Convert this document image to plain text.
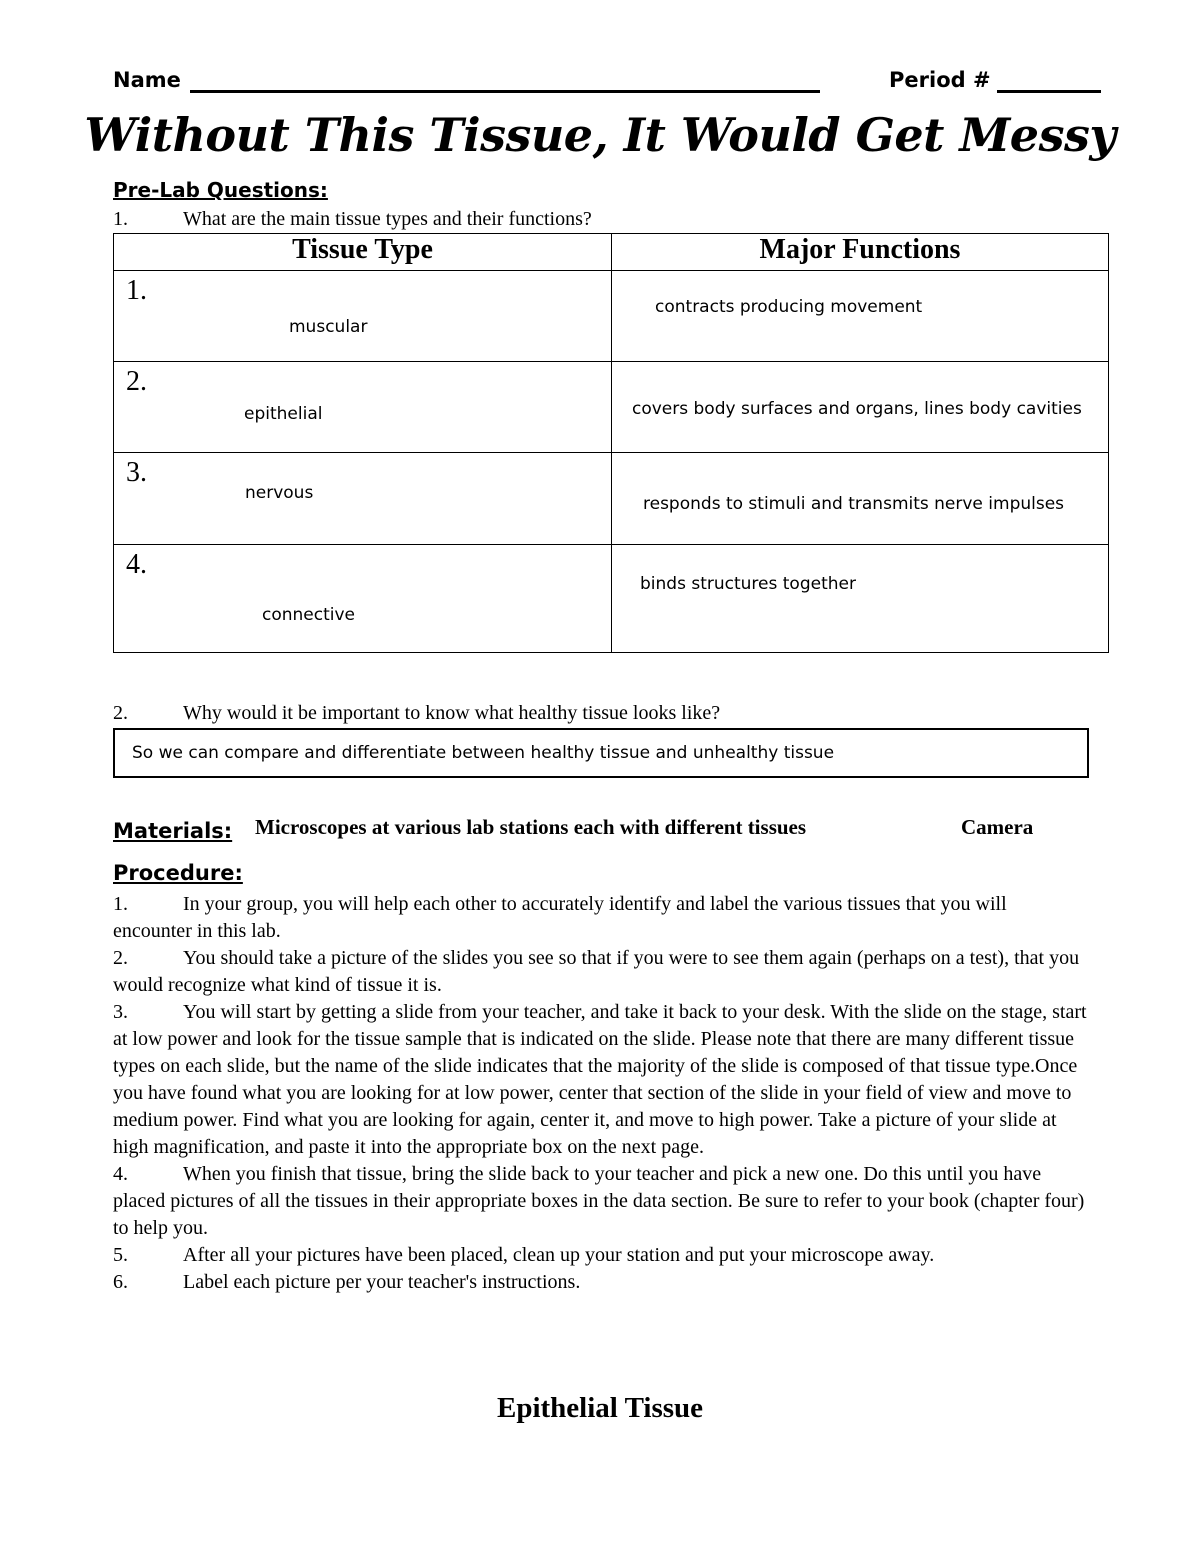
Name	Period #
Without This Tissue, It Would Get Messy
Pre-Lab Questions:
1.	What are the main tissue types and their functions?
Tissue Type	Major Functions

1.
muscular	contracts producing movement

2.
epithelial	covers body surfaces and organs, lines body cavities

3.
nervous	responds to stimuli and transmits nerve impulses

4.
connective	binds structures together
2.	Why would it be important to know what healthy tissue looks like?
So we can compare and differentiate between healthy tissue and unhealthy tissue
Materials: Microscopes at various lab stations each with different tissues	Camera
Procedure:

1.	In your group, you will help each other to accurately identify and label the various tissues that you will encounter in this lab.

2.	You should take a picture of the slides you see so that if you were to see them again (perhaps on a test), that you would recognize what kind of tissue it is.

3.	You will start by getting a slide from your teacher, and take it back to your desk. With the slide on the stage, start at low power and look for the tissue sample that is indicated on the slide. Please note that there are many different tissue types on each slide, but the name of the slide indicates that the majority of the slide is composed of that tissue type.Once you have found what you are looking for at low power, center that section of the slide in your field of view and move to medium power. Find what you are looking for again, center it, and move to high power. Take a picture of your slide at high magnification, and paste it into the appropriate box on the next page.

4.	When you finish that tissue, bring the slide back to your teacher and pick a new one. Do this until you have placed pictures of all the tissues in their appropriate boxes in the data section. Be sure to refer to your book (chapter four) to help you.

5.	After all your pictures have been placed, clean up your station and put your microscope away.

6.	Label each picture per your teacher's instructions.

Epithelial Tissue
